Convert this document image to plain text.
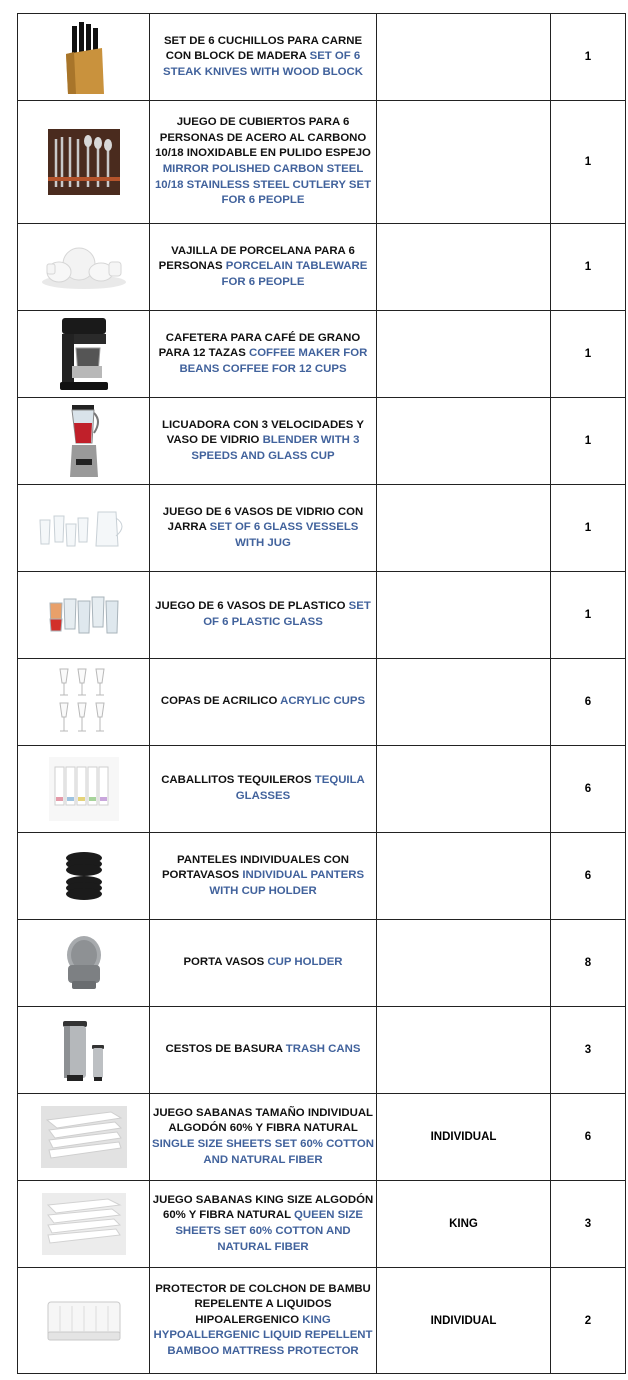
SET DE 6 CUCHILLOS PARA CARNE CON BLOCK DE MADERA SET OF 6 STEAK KNIVES WITH WOOD BLOCK		1

JUEGO DE CUBIERTOS PARA 6 PERSONAS DE ACERO AL CARBONO 10/18 INOXIDABLE EN PULIDO ESPEJO MIRROR POLISHED CARBON STEEL 10/18 STAINLESS STEEL CUTLERY SET FOR 6 PEOPLE		1

VAJILLA DE PORCELANA PARA 6 PERSONAS PORCELAIN TABLEWARE FOR 6 PEOPLE		1

CAFETERA PARA CAFÉ DE GRANO PARA 12 TAZAS COFFEE MAKER FOR BEANS COFFEE FOR 12 CUPS		1

LICUADORA CON 3 VELOCIDADES Y VASO DE VIDRIO BLENDER WITH 3 SPEEDS AND GLASS CUP		1

JUEGO DE 6 VASOS DE VIDRIO CON JARRA SET OF 6 GLASS VESSELS WITH JUG		1

JUEGO DE 6 VASOS DE PLASTICO SET OF 6 PLASTIC GLASS		1

COPAS DE ACRILICO ACRYLIC CUPS		6

CABALLITOS TEQUILEROS TEQUILA GLASSES		6

PANTELES INDIVIDUALES CON PORTAVASOS INDIVIDUAL PANTERS WITH CUP HOLDER		6

PORTA VASOS CUP HOLDER		8

CESTOS DE BASURA TRASH CANS		3

JUEGO SABANAS TAMAÑO INDIVIDUAL ALGODÓN 60% Y FIBRA NATURAL SINGLE SIZE SHEETS SET 60% COTTON AND NATURAL FIBER	INDIVIDUAL	6

JUEGO SABANAS KING SIZE ALGODÓN 60% Y FIBRA NATURAL QUEEN SIZE SHEETS SET 60% COTTON AND NATURAL FIBER	KING	3

PROTECTOR DE COLCHON DE BAMBU REPELENTE A LIQUIDOS HIPOALERGENICO KING HYPOALLERGENIC LIQUID REPELLENT BAMBOO MATTRESS PROTECTOR	INDIVIDUAL	2
